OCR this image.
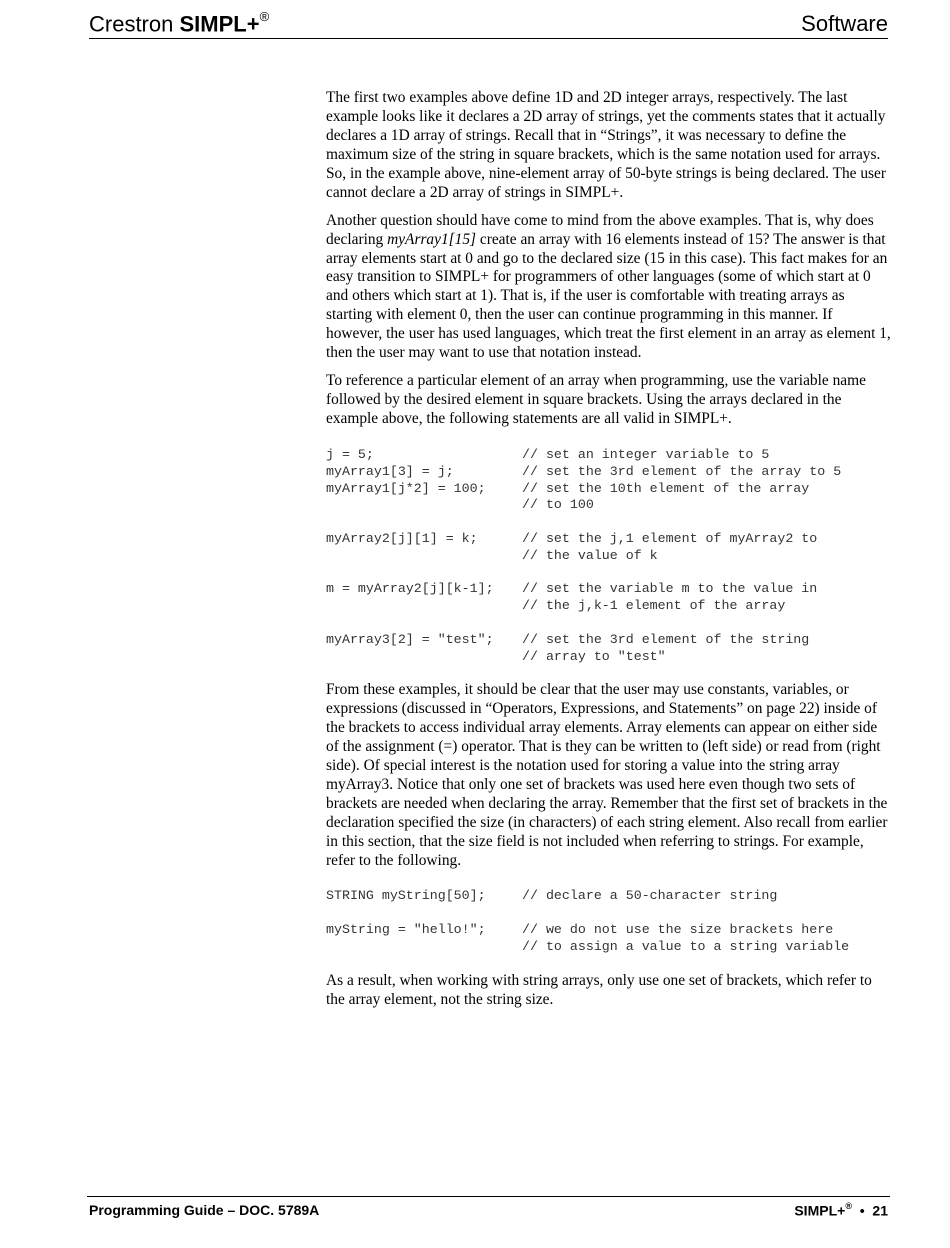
Crestron SIMPL+®	Software

The first two examples above define 1D and 2D integer arrays, respectively. The last example looks like it declares a 2D array of strings, yet the comments states that it actually declares a 1D array of strings. Recall that in “Strings”, it was necessary to define the maximum size of the string in square brackets, which is the same notation used for arrays. So, in the example above, nine-element array of 50-byte strings is being declared. The user cannot declare a 2D array of strings in SIMPL+.

Another question should have come to mind from the above examples. That is, why does declaring myArray1[15] create an array with 16 elements instead of 15? The answer is that array elements start at 0 and go to the declared size (15 in this case). This fact makes for an easy transition to SIMPL+ for programmers of other languages (some of which start at 0 and others which start at 1). That is, if the user is comfortable with treating arrays as starting with element 0, then the user can continue programming in this manner. If however, the user has used languages, which treat the first element in an array as element 1, then the user may want to use that notation instead.

To reference a particular element of an array when programming, use the variable name followed by the desired element in square brackets. Using the arrays declared in the example above, the following statements are all valid in SIMPL+.

j = 5;	// set an integer variable to 5
myArray1[3] = j;	// set the 3rd element of the array to 5
myArray1[j*2] = 100;	// set the 10th element of the array
// to 100
myArray2[j][1] = k;	// set the j,1 element of myArray2 to
// the value of k
m = myArray2[j][k-1];	// set the variable m to the value in
// the j,k-1 element of the array
myArray3[2] = "test";	// set the 3rd element of the string
// array to "test"

From these examples, it should be clear that the user may use constants, variables, or expressions (discussed in “Operators, Expressions, and Statements” on page 22) inside of the brackets to access individual array elements. Array elements can appear on either side of the assignment (=) operator. That is they can be written to (left side) or read from (right side). Of special interest is the notation used for storing a value into the string array myArray3. Notice that only one set of brackets was used here even though two sets of brackets are needed when declaring the array. Remember that the first set of brackets in the declaration specified the size (in characters) of each string element. Also recall from earlier in this section, that the size field is not included when referring to strings. For example, refer to the following.

STRING myString[50];	// declare a 50-character string
myString = "hello!";	// we do not use the size brackets here
// to assign a value to a string variable

As a result, when working with string arrays, only use one set of brackets, which refer to the array element, not the string size.

Programming Guide – DOC. 5789A	SIMPL+® • 21
